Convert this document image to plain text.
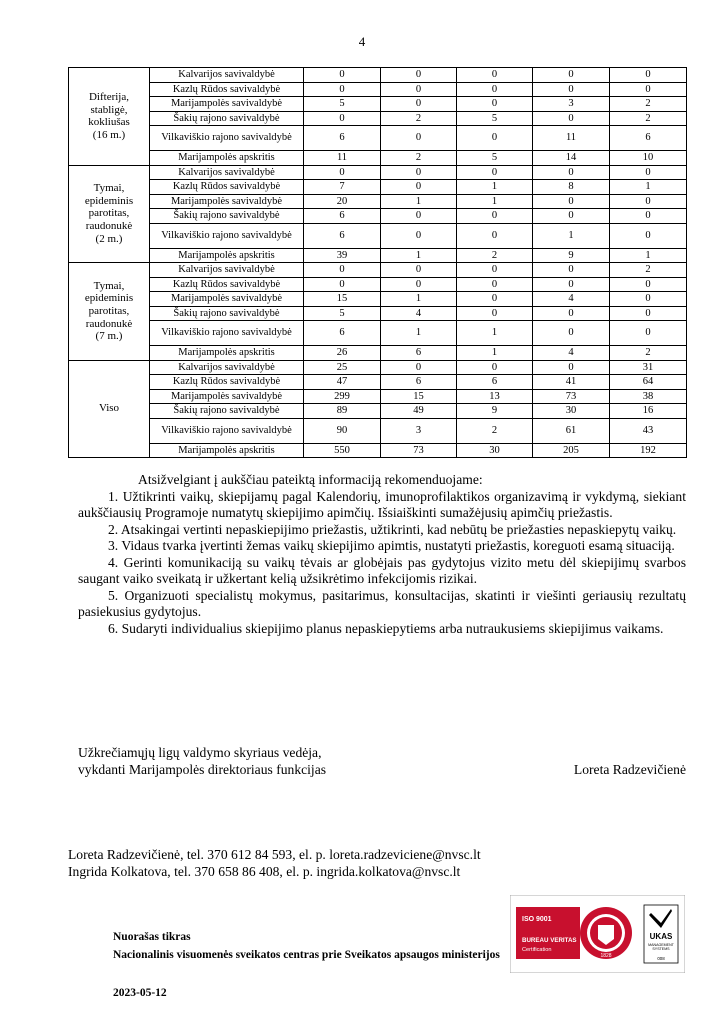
4
Difterija,
stabligė,
kokliušas
(16 m.)	Kalvarijos savivaldybė	0	0	0	0	0
	Kazlų Rūdos savivaldybė	0	0	0	0	0
	Marijampolės savivaldybė	5	0	0	3	2
	Šakių rajono savivaldybė	0	2	5	0	2
	Vilkaviškio rajono savivaldybė	6	0	0	11	6
	Marijampolės apskritis	11	2	5	14	10

Tymai,
epideminis
parotitas,
raudonukė
(2 m.)	Kalvarijos savivaldybė	0	0	0	0	0
	Kazlų Rūdos savivaldybė	7	0	1	8	1
	Marijampolės savivaldybė	20	1	1	0	0
	Šakių rajono savivaldybė	6	0	0	0	0
	Vilkaviškio rajono savivaldybė	6	0	0	1	0
	Marijampolės apskritis	39	1	2	9	1

Tymai,
epideminis
parotitas,
raudonukė
(7 m.)	Kalvarijos savivaldybė	0	0	0	0	2
	Kazlų Rūdos savivaldybė	0	0	0	0	0
	Marijampolės savivaldybė	15	1	0	4	0
	Šakių rajono savivaldybė	5	4	0	0	0
	Vilkaviškio rajono savivaldybė	6	1	1	0	0
	Marijampolės apskritis	26	6	1	4	2

Viso	Kalvarijos savivaldybė	25	0	0	0	31
	Kazlų Rūdos savivaldybė	47	6	6	41	64
	Marijampolės savivaldybė	299	15	13	73	38
	Šakių rajono savivaldybė	89	49	9	30	16
	Vilkaviškio rajono savivaldybė	90	3	2	61	43
	Marijampolės apskritis	550	73	30	205	192

Atsižvelgiant į aukščiau pateiktą informaciją rekomenduojame:

1. Užtikrinti vaikų, skiepijamų pagal Kalendorių, imunoprofilaktikos organizavimą ir vykdymą, siekiant aukščiausių Programoje numatytų skiepijimo apimčių. Išsiaiškinti sumažėjusių apimčių priežastis.

2. Atsakingai vertinti nepaskiepijimo priežastis, užtikrinti, kad nebūtų be priežasties nepaskiepytų vaikų.

3. Vidaus tvarka įvertinti žemas vaikų skiepijimo apimtis, nustatyti priežastis, koreguoti esamą situaciją.

4. Gerinti komunikaciją su vaikų tėvais ar globėjais pas gydytojus vizito metu dėl skiepijimų svarbos saugant vaiko sveikatą ir užkertant kelią užsikrėtimo infekcijomis rizikai.

5. Organizuoti specialistų mokymus, pasitarimus, konsultacijas, skatinti ir viešinti geriausių rezultatų pasiekusius gydytojus.

6. Sudaryti individualius skiepijimo planus nepaskiepytiems arba nutraukusiems skiepijimus vaikams.

Užkrečiamųjų ligų valdymo skyriaus vedėja,
vykdanti Marijampolės direktoriaus funkcijas	Loreta Radzevičienė
Loreta Radzevičienė, tel. 370 612 84 593, el. p. loreta.radzeviciene@nvsc.lt
Ingrida Kolkatova, tel. 370 658 86 408, el. p. ingrida.kolkatova@nvsc.lt
Nuorašas tikras
Nacionalinis visuomenės sveikatos centras prie Sveikatos apsaugos ministerijos
2023-05-12
ISO 9001
BUREAU VERITAS
Certification
1828
UKAS
MANAGEMENT
SYSTEMS
008
